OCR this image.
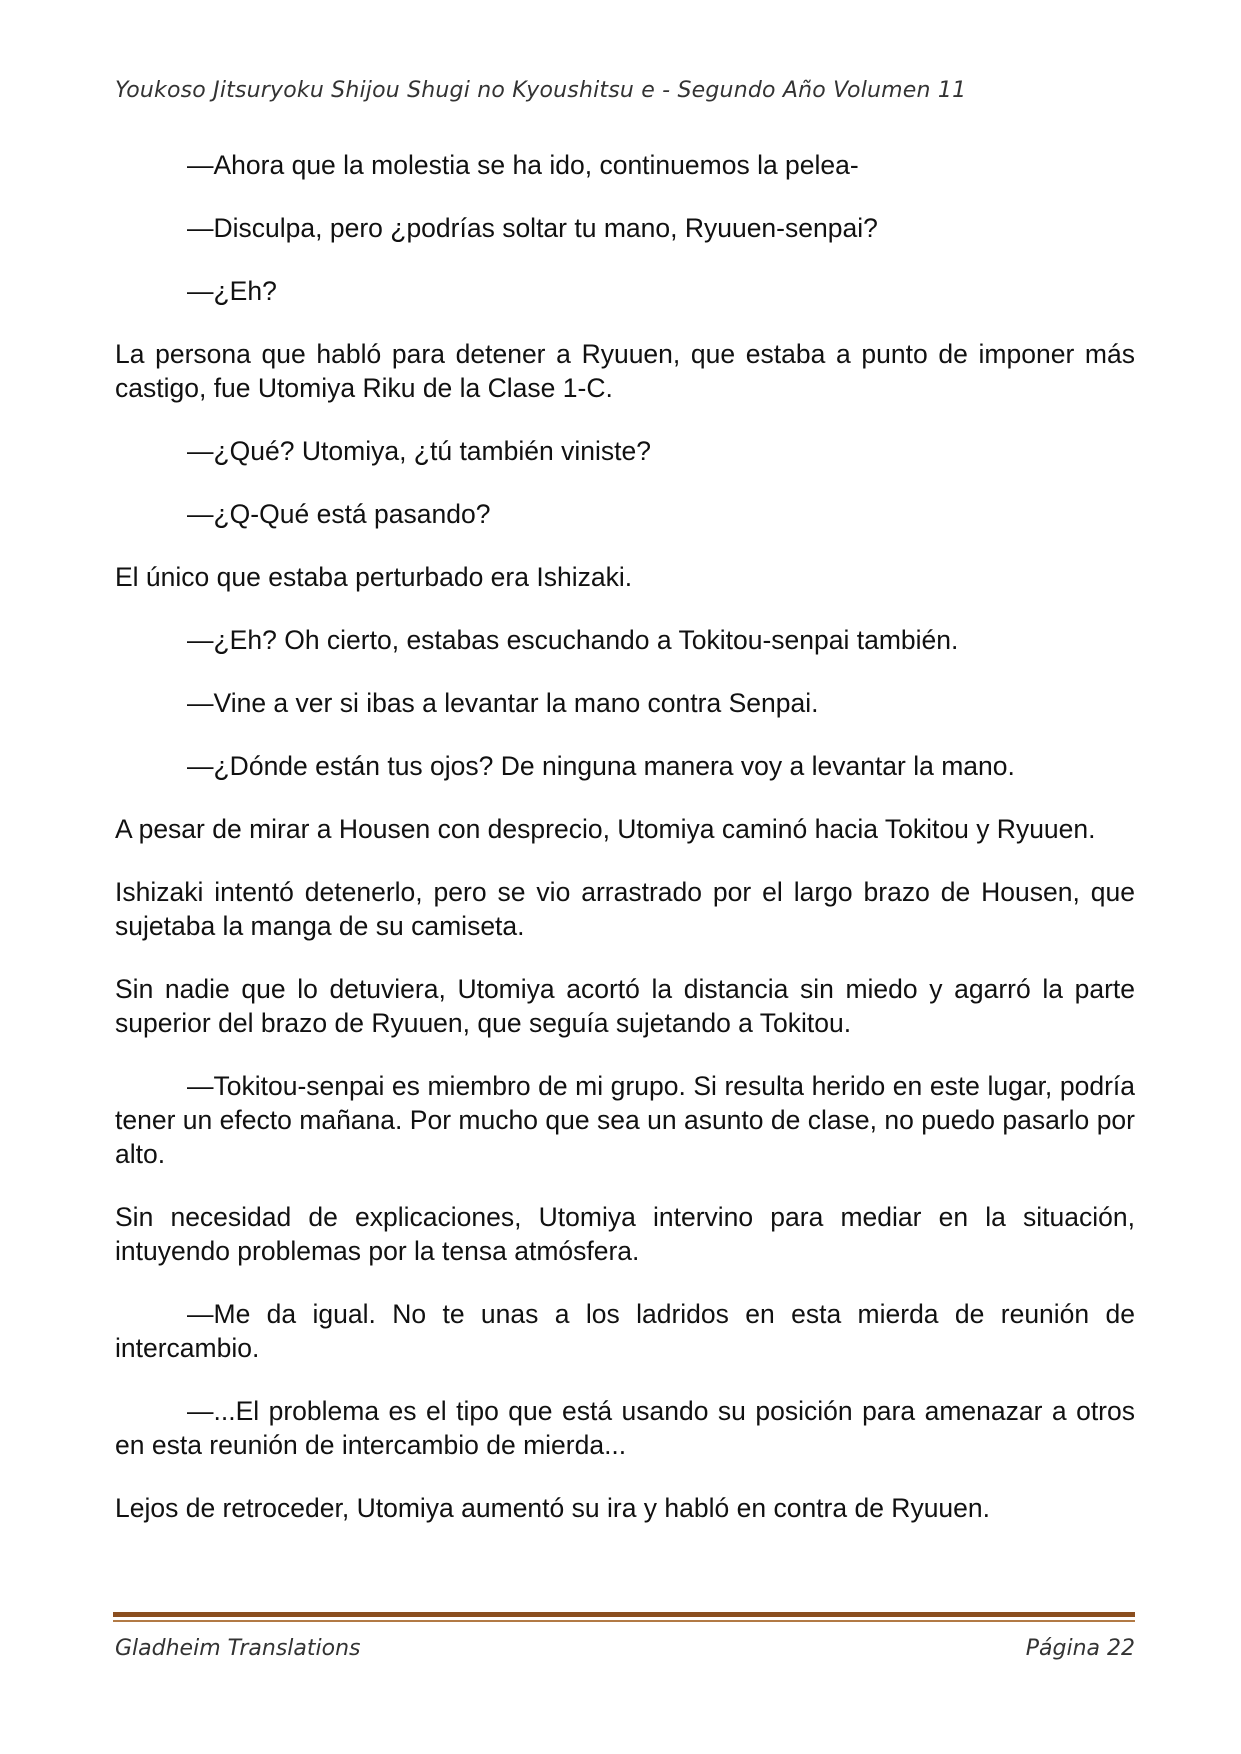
Youkoso Jitsuryoku Shijou Shugi no Kyoushitsu e - Segundo Año Volumen 11

—Ahora que la molestia se ha ido, continuemos la pelea-

—Disculpa, pero ¿podrías soltar tu mano, Ryuuen-senpai?

—¿Eh?

La persona que habló para detener a Ryuuen, que estaba a punto de imponer más castigo, fue Utomiya Riku de la Clase 1-C.

—¿Qué? Utomiya, ¿tú también viniste?

—¿Q-Qué está pasando?

El único que estaba perturbado era Ishizaki.

—¿Eh? Oh cierto, estabas escuchando a Tokitou-senpai también.

—Vine a ver si ibas a levantar la mano contra Senpai.

—¿Dónde están tus ojos? De ninguna manera voy a levantar la mano.

A pesar de mirar a Housen con desprecio, Utomiya caminó hacia Tokitou y Ryuuen.

Ishizaki intentó detenerlo, pero se vio arrastrado por el largo brazo de Housen, que sujetaba la manga de su camiseta.

Sin nadie que lo detuviera, Utomiya acortó la distancia sin miedo y agarró la parte superior del brazo de Ryuuen, que seguía sujetando a Tokitou.

—Tokitou-senpai es miembro de mi grupo. Si resulta herido en este lugar, podría tener un efecto mañana. Por mucho que sea un asunto de clase, no puedo pasarlo por alto.

Sin necesidad de explicaciones, Utomiya intervino para mediar en la situación, intuyendo problemas por la tensa atmósfera.

—Me da igual. No te unas a los ladridos en esta mierda de reunión de intercambio.

—...El problema es el tipo que está usando su posición para amenazar a otros en esta reunión de intercambio de mierda...

Lejos de retroceder, Utomiya aumentó su ira y habló en contra de Ryuuen.

Gladheim Translations	Página 22
